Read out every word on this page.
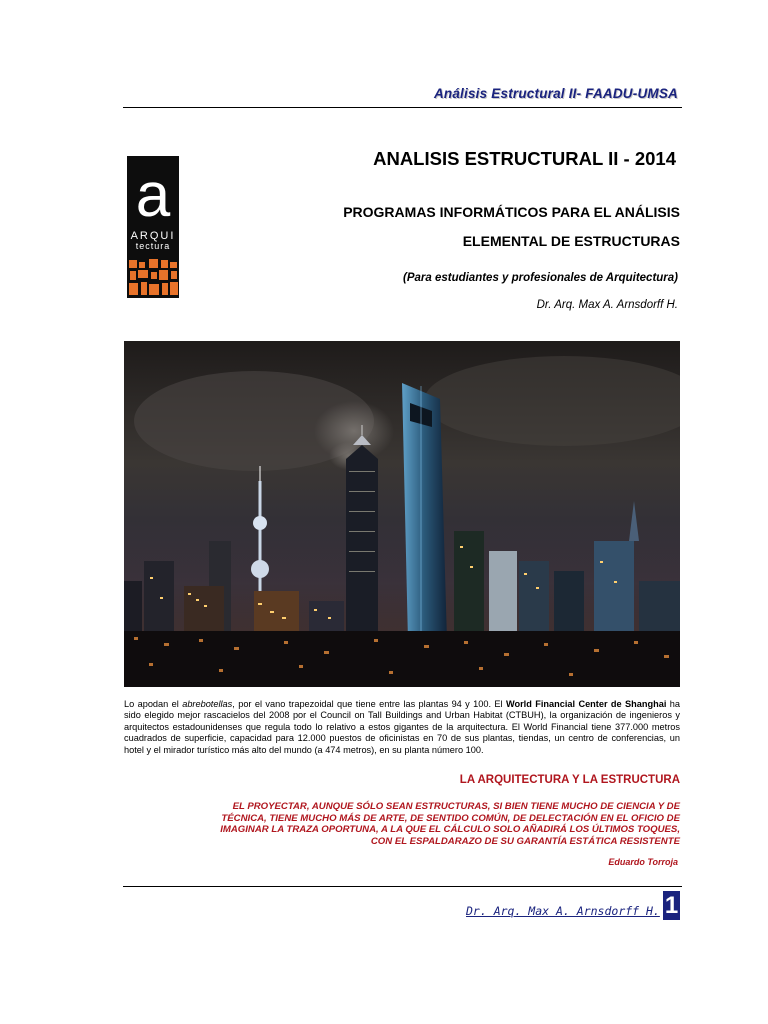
Análisis Estructural II- FAADU-UMSA
a
ARQUI
tectura
ANALISIS ESTRUCTURAL II - 2014
PROGRAMAS INFORMÁTICOS PARA EL ANÁLISIS
ELEMENTAL DE ESTRUCTURAS
(Para estudiantes y profesionales de Arquitectura)
Dr. Arq. Max A. Arnsdorff H.
Lo apodan el abrebotellas, por el vano trapezoidal que tiene entre las plantas 94 y 100. El World Financial Center de Shanghai ha sido elegido mejor rascacielos del 2008 por el Council on Tall Buildings and Urban Habitat (CTBUH), la organización de ingenieros y arquitectos estadounidenses que regula todo lo relativo a estos gigantes de la arquitectura. El World Financial tiene 377.000 metros cuadrados de superficie, capacidad para 12.000 puestos de oficinistas en 70 de sus plantas, tiendas, un centro de conferencias, un hotel y el mirador turístico más alto del mundo (a 474 metros), en su planta número 100.
LA ARQUITECTURA Y LA ESTRUCTURA
EL PROYECTAR, AUNQUE SÓLO SEAN ESTRUCTURAS, SI BIEN TIENE MUCHO DE CIENCIA Y DE TÉCNICA, TIENE MUCHO MÁS DE ARTE, DE SENTIDO COMÚN, DE DELECTACIÓN EN EL OFICIO DE IMAGINAR LA TRAZA OPORTUNA, A LA QUE EL CÁLCULO SOLO AÑADIRÁ LOS ÚLTIMOS TOQUES, CON EL ESPALDARAZO DE SU GARANTÍA ESTÁTICA RESISTENTE
Eduardo Torroja
Dr. Arq. Max A. Arnsdorff H. 1
